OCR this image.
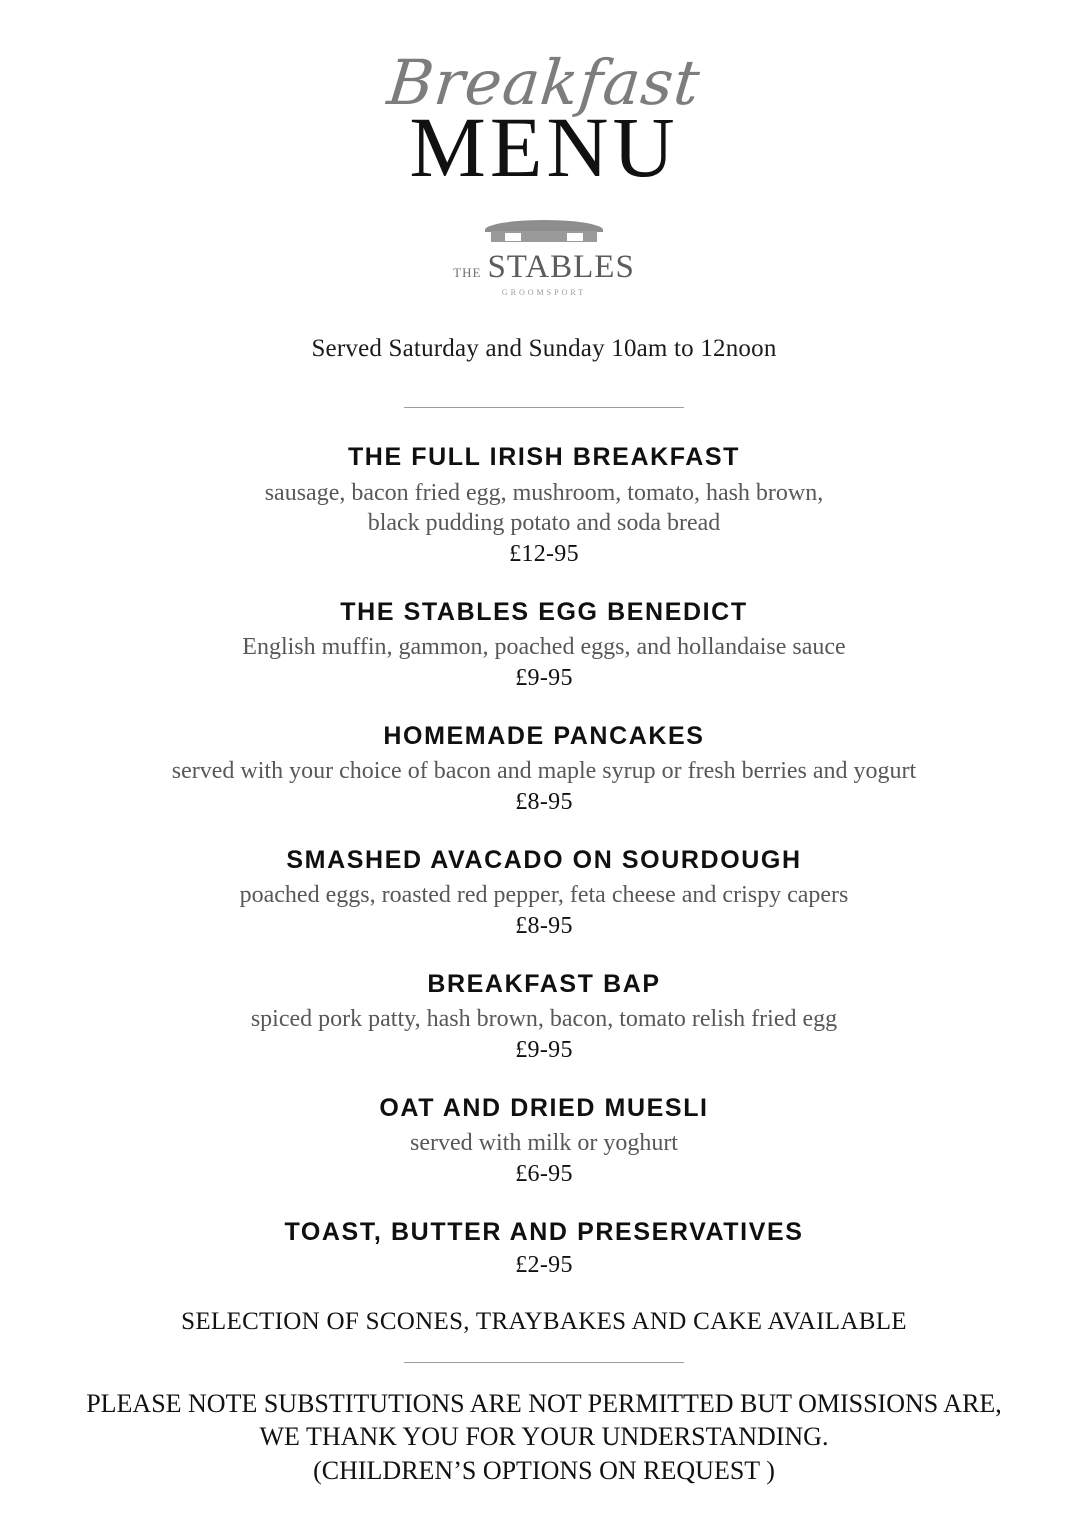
Breakfast
MENU
THE STABLES
GROOMSPORT
Served Saturday and Sunday 10am to 12noon
THE FULL IRISH BREAKFAST
sausage, bacon fried egg, mushroom, tomato, hash brown,
black pudding potato and soda bread
£12-95
THE STABLES EGG BENEDICT
English muffin, gammon, poached eggs, and hollandaise sauce
£9-95
HOMEMADE PANCAKES
served with your choice of bacon and maple syrup or fresh berries and yogurt
£8-95
SMASHED AVACADO ON SOURDOUGH
poached eggs, roasted red pepper, feta cheese and crispy capers
£8-95
BREAKFAST BAP
spiced pork patty, hash brown, bacon, tomato relish fried egg
£9-95
OAT AND DRIED MUESLI
served with milk or yoghurt
£6-95
TOAST, BUTTER AND PRESERVATIVES
£2-95
SELECTION OF SCONES, TRAYBAKES AND CAKE AVAILABLE
PLEASE NOTE SUBSTITUTIONS ARE NOT PERMITTED BUT OMISSIONS ARE,
WE THANK YOU FOR YOUR UNDERSTANDING.
(CHILDREN’S OPTIONS ON REQUEST )
